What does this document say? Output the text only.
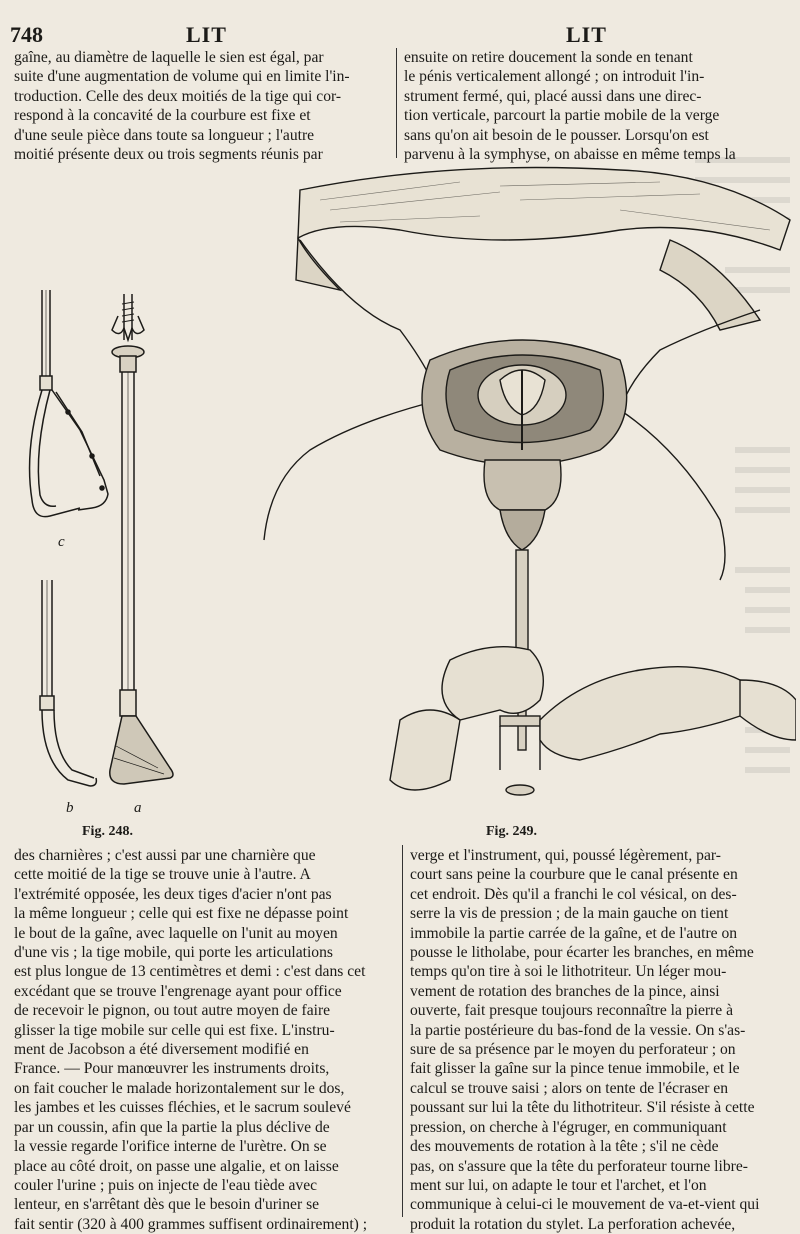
748	LIT	LIT
gaîne, au diamètre de laquelle le sien est égal, par
suite d'une augmentation de volume qui en limite l'in-
troduction. Celle des deux moitiés de la tige qui cor-
respond à la concavité de la courbure est fixe et
d'une seule pièce dans toute sa longueur ; l'autre
moitié présente deux ou trois segments réunis par
ensuite on retire doucement la sonde en tenant
le pénis verticalement allongé ; on introduit l'in-
strument fermé, qui, placé aussi dans une direc-
tion verticale, parcourt la partie mobile de la verge
sans qu'on ait besoin de le pousser. Lorsqu'on est
parvenu à la symphyse, on abaisse en même temps la
c
b	a
Fig. 248.	Fig. 249.
des charnières ; c'est aussi par une charnière que
cette moitié de la tige se trouve unie à l'autre. A
l'extrémité opposée, les deux tiges d'acier n'ont pas
la même longueur ; celle qui est fixe ne dépasse point
le bout de la gaîne, avec laquelle on l'unit au moyen
d'une vis ; la tige mobile, qui porte les articulations
est plus longue de 13 centimètres et demi : c'est dans cet
excédant que se trouve l'engrenage ayant pour office
de recevoir le pignon, ou tout autre moyen de faire
glisser la tige mobile sur celle qui est fixe. L'instru-
ment de Jacobson a été diversement modifié en
France. — Pour manœuvrer les instruments droits,
on fait coucher le malade horizontalement sur le dos,
les jambes et les cuisses fléchies, et le sacrum soulevé
par un coussin, afin que la partie la plus déclive de
la vessie regarde l'orifice interne de l'urètre. On se
place au côté droit, on passe une algalie, et on laisse
couler l'urine ; puis on injecte de l'eau tiède avec
lenteur, en s'arrêtant dès que le besoin d'uriner se
fait sentir (320 à 400 grammes suffisent ordinairement) ;
verge et l'instrument, qui, poussé légèrement, par-
court sans peine la courbure que le canal présente en
cet endroit. Dès qu'il a franchi le col vésical, on des-
serre la vis de pression ; de la main gauche on tient
immobile la partie carrée de la gaîne, et de l'autre on
pousse le litholabe, pour écarter les branches, en même
temps qu'on tire à soi le lithotriteur. Un léger mou-
vement de rotation des branches de la pince, ainsi
ouverte, fait presque toujours reconnaître la pierre à
la partie postérieure du bas-fond de la vessie. On s'as-
sure de sa présence par le moyen du perforateur ; on
fait glisser la gaîne sur la pince tenue immobile, et le
calcul se trouve saisi ; alors on tente de l'écraser en
poussant sur lui la tête du lithotriteur. S'il résiste à cette
pression, on cherche à l'égruger, en communiquant
des mouvements de rotation à la tête ; s'il ne cède
pas, on s'assure que la tête du perforateur tourne libre-
ment sur lui, on adapte le tour et l'archet, et l'on
communique à celui-ci le mouvement de va-et-vient qui
produit la rotation du stylet. La perforation achevée,
